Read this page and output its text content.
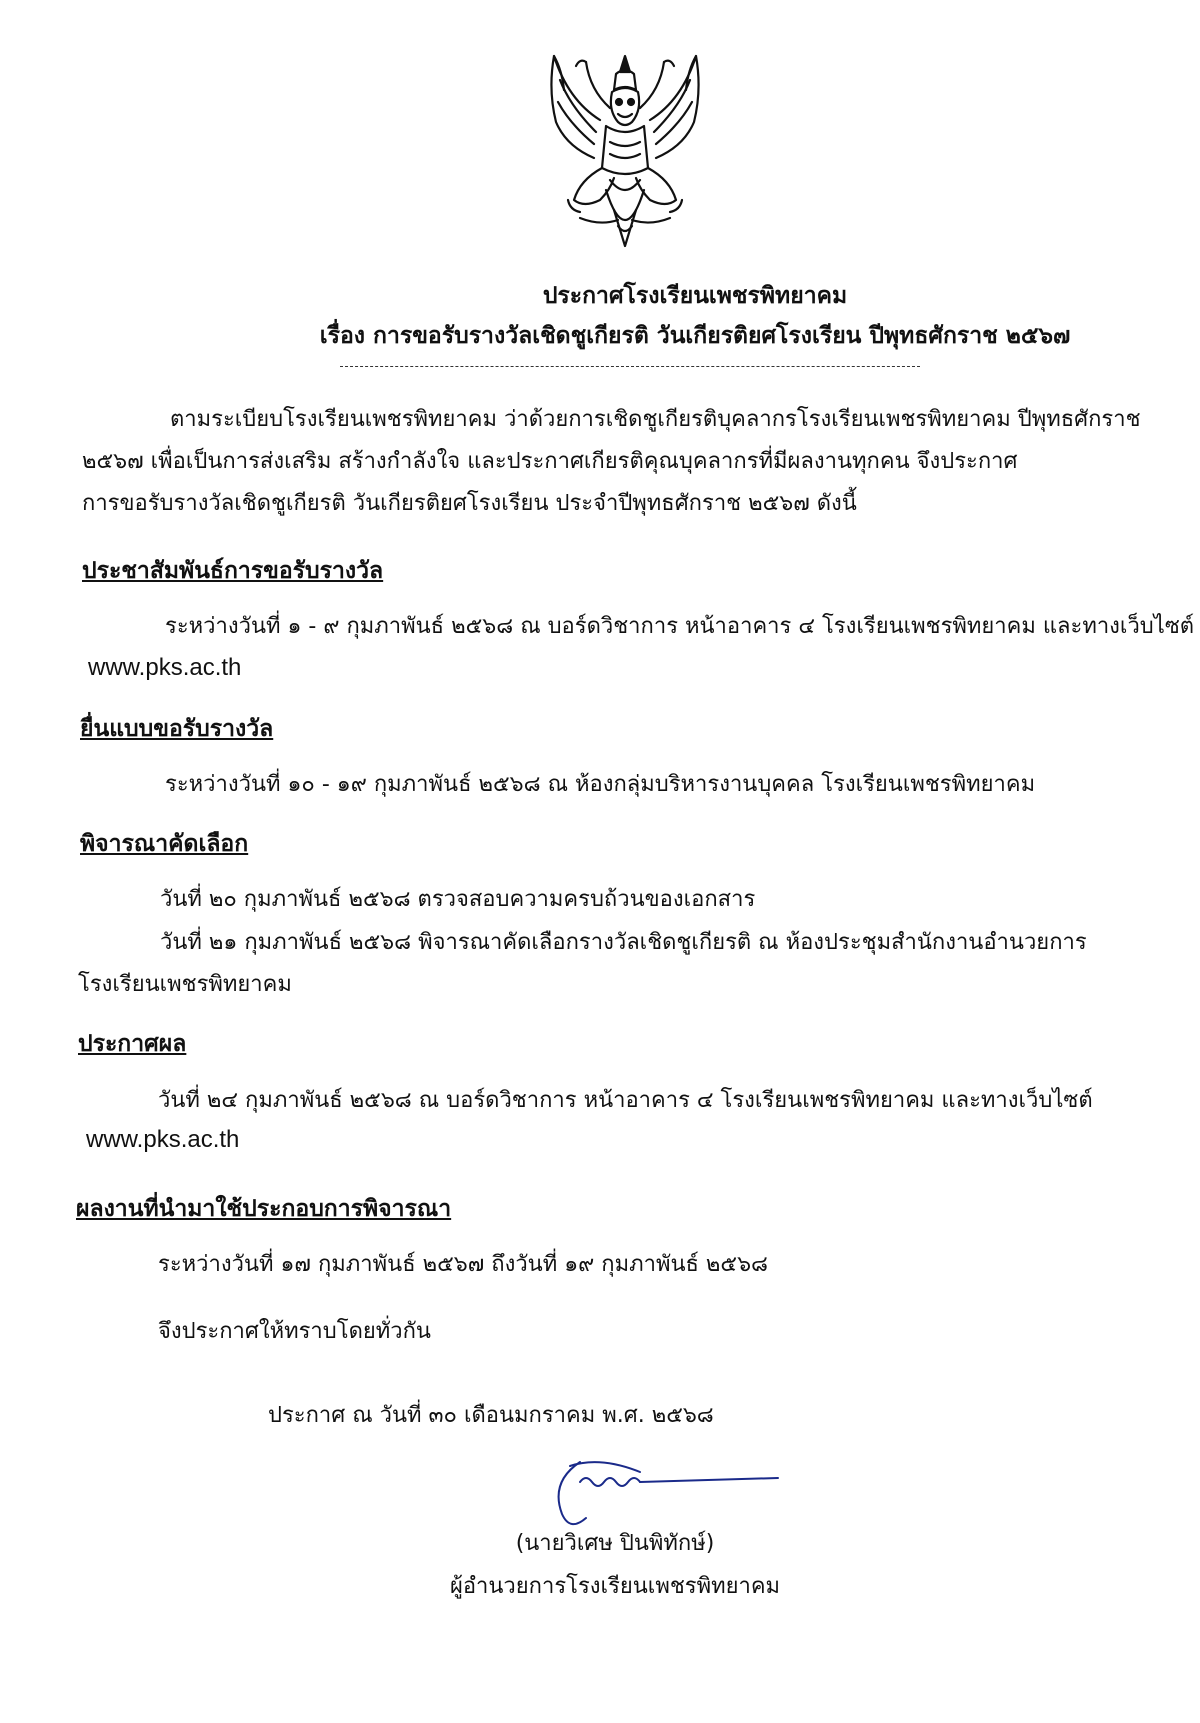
ประกาศโรงเรียนเพชรพิทยาคม
เรื่อง การขอรับรางวัลเชิดชูเกียรติ วันเกียรติยศโรงเรียน ปีพุทธศักราช ๒๕๖๗
ตามระเบียบโรงเรียนเพชรพิทยาคม ว่าด้วยการเชิดชูเกียรติบุคลากรโรงเรียนเพชรพิทยาคม ปีพุทธศักราช
๒๕๖๗ เพื่อเป็นการส่งเสริม สร้างกำลังใจ และประกาศเกียรติคุณบุคลากรที่มีผลงานทุกคน จึงประกาศ
การขอรับรางวัลเชิดชูเกียรติ วันเกียรติยศโรงเรียน ประจำปีพุทธศักราช ๒๕๖๗ ดังนี้
ประชาสัมพันธ์การขอรับรางวัล
ระหว่างวันที่ ๑ - ๙ กุมภาพันธ์ ๒๕๖๘ ณ บอร์ดวิชาการ หน้าอาคาร ๔ โรงเรียนเพชรพิทยาคม และทางเว็บไซต์
www.pks.ac.th
ยื่นแบบขอรับรางวัล
ระหว่างวันที่ ๑๐ - ๑๙ กุมภาพันธ์ ๒๕๖๘ ณ ห้องกลุ่มบริหารงานบุคคล โรงเรียนเพชรพิทยาคม
พิจารณาคัดเลือก
วันที่ ๒๐ กุมภาพันธ์ ๒๕๖๘ ตรวจสอบความครบถ้วนของเอกสาร
วันที่ ๒๑ กุมภาพันธ์ ๒๕๖๘ พิจารณาคัดเลือกรางวัลเชิดชูเกียรติ ณ ห้องประชุมสำนักงานอำนวยการ
โรงเรียนเพชรพิทยาคม
ประกาศผล
วันที่ ๒๔ กุมภาพันธ์ ๒๕๖๘ ณ บอร์ดวิชาการ หน้าอาคาร ๔ โรงเรียนเพชรพิทยาคม และทางเว็บไซต์
www.pks.ac.th
ผลงานที่นำมาใช้ประกอบการพิจารณา
ระหว่างวันที่ ๑๗ กุมภาพันธ์ ๒๕๖๗ ถึงวันที่ ๑๙ กุมภาพันธ์ ๒๕๖๘
จึงประกาศให้ทราบโดยทั่วกัน
ประกาศ ณ วันที่ ๓๐ เดือนมกราคม พ.ศ. ๒๕๖๘
(นายวิเศษ ปินพิทักษ์)
ผู้อำนวยการโรงเรียนเพชรพิทยาคม
